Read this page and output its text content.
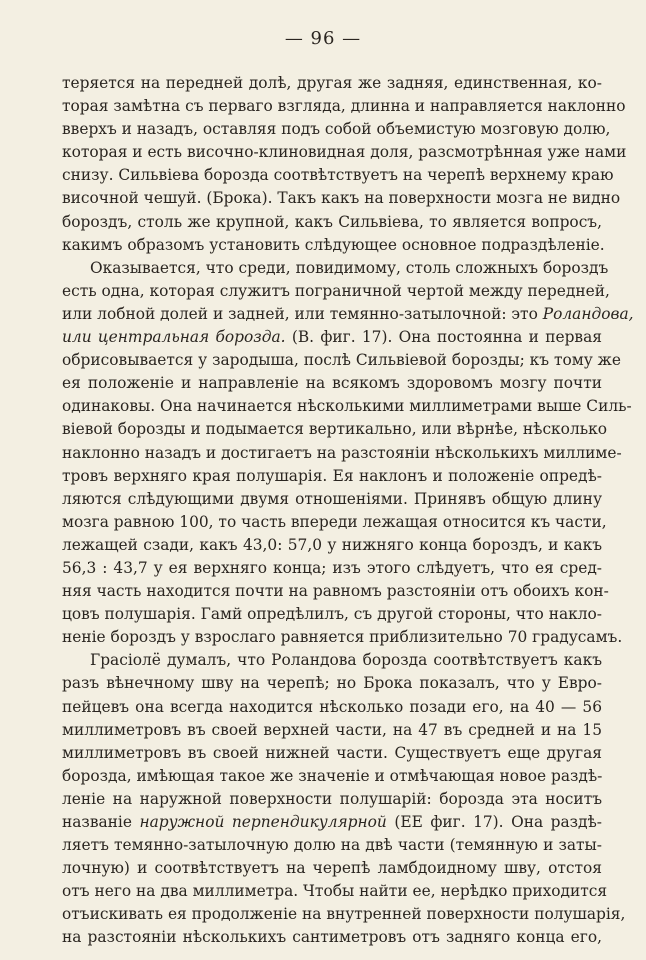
— 96 —
теряется на передней долѣ, другая же задняя, единственная, ко-
торая замѣтна съ перваго взгляда, длинна и направляется наклонно
вверхъ и назадъ, оставляя подъ собой объемистую мозговую долю,
которая и есть височно-клиновидная доля, разсмотрѣнная уже нами
снизу. Сильвіева борозда соотвѣтствуетъ на черепѣ верхнему краю
височной чешуй. (Брока). Такъ какъ на поверхности мозга не видно
бороздъ, столь же крупной, какъ Сильвіева, то является вопросъ,
какимъ образомъ установить слѣдующее основное подраздѣленіе.
Оказывается, что среди, повидимому, столь сложныхъ бороздъ
есть одна, которая служитъ пограничной чертой между передней,
или лобной долей и задней, или темянно-затылочной: это Роландова,
или центральная борозда. (В. фиг. 17). Она постоянна и первая
обрисовывается у зародыша, послѣ Сильвіевой борозды; къ тому же
ея положеніе и направленіе на всякомъ здоровомъ мозгу почти
одинаковы. Она начинается нѣсколькими миллиметрами выше Силь-
віевой борозды и подымается вертикально, или вѣрнѣе, нѣсколько
наклонно назадъ и достигаетъ на разстояніи нѣсколькихъ миллиме-
тровъ верхняго края полушарія. Ея наклонъ и положеніе опредѣ-
ляются слѣдующими двумя отношеніями. Принявъ общую длину
мозга равною 100, то часть впереди лежащая относится къ части,
лежащей сзади, какъ 43,0: 57,0 у нижняго конца бороздъ, и какъ
56,3 : 43,7 у ея верхняго конца; изъ этого слѣдуетъ, что ея сред-
няя часть находится почти на равномъ разстояніи отъ обоихъ кон-
цовъ полушарія. Гамй опредѣлилъ, съ другой стороны, что накло-
неніе бороздъ у взрослаго равняется приблизительно 70 градусамъ.
Грасіолё думалъ, что Роландова борозда соотвѣтствуетъ какъ
разъ вѣнечному шву на черепѣ; но Брока показалъ, что у Евро-
пейцевъ она всегда находится нѣсколько позади его, на 40 — 56
миллиметровъ въ своей верхней части, на 47 въ средней и на 15
миллиметровъ въ своей нижней части. Существуетъ еще другая
борозда, имѣющая такое же значеніе и отмѣчающая новое раздѣ-
леніе на наружной поверхности полушарій: борозда эта носитъ
названіе наружной перпендикулярной (ЕЕ фиг. 17). Она раздѣ-
ляетъ темянно-затылочную долю на двѣ части (темянную и заты-
лочную) и соотвѣтствуетъ на черепѣ ламбдоидному шву, отстоя
отъ него на два миллиметра. Чтобы найти ее, нерѣдко приходится
отъискивать ея продолженіе на внутренней поверхности полушарія,
на разстояніи нѣсколькихъ сантиметровъ отъ задняго конца его,
